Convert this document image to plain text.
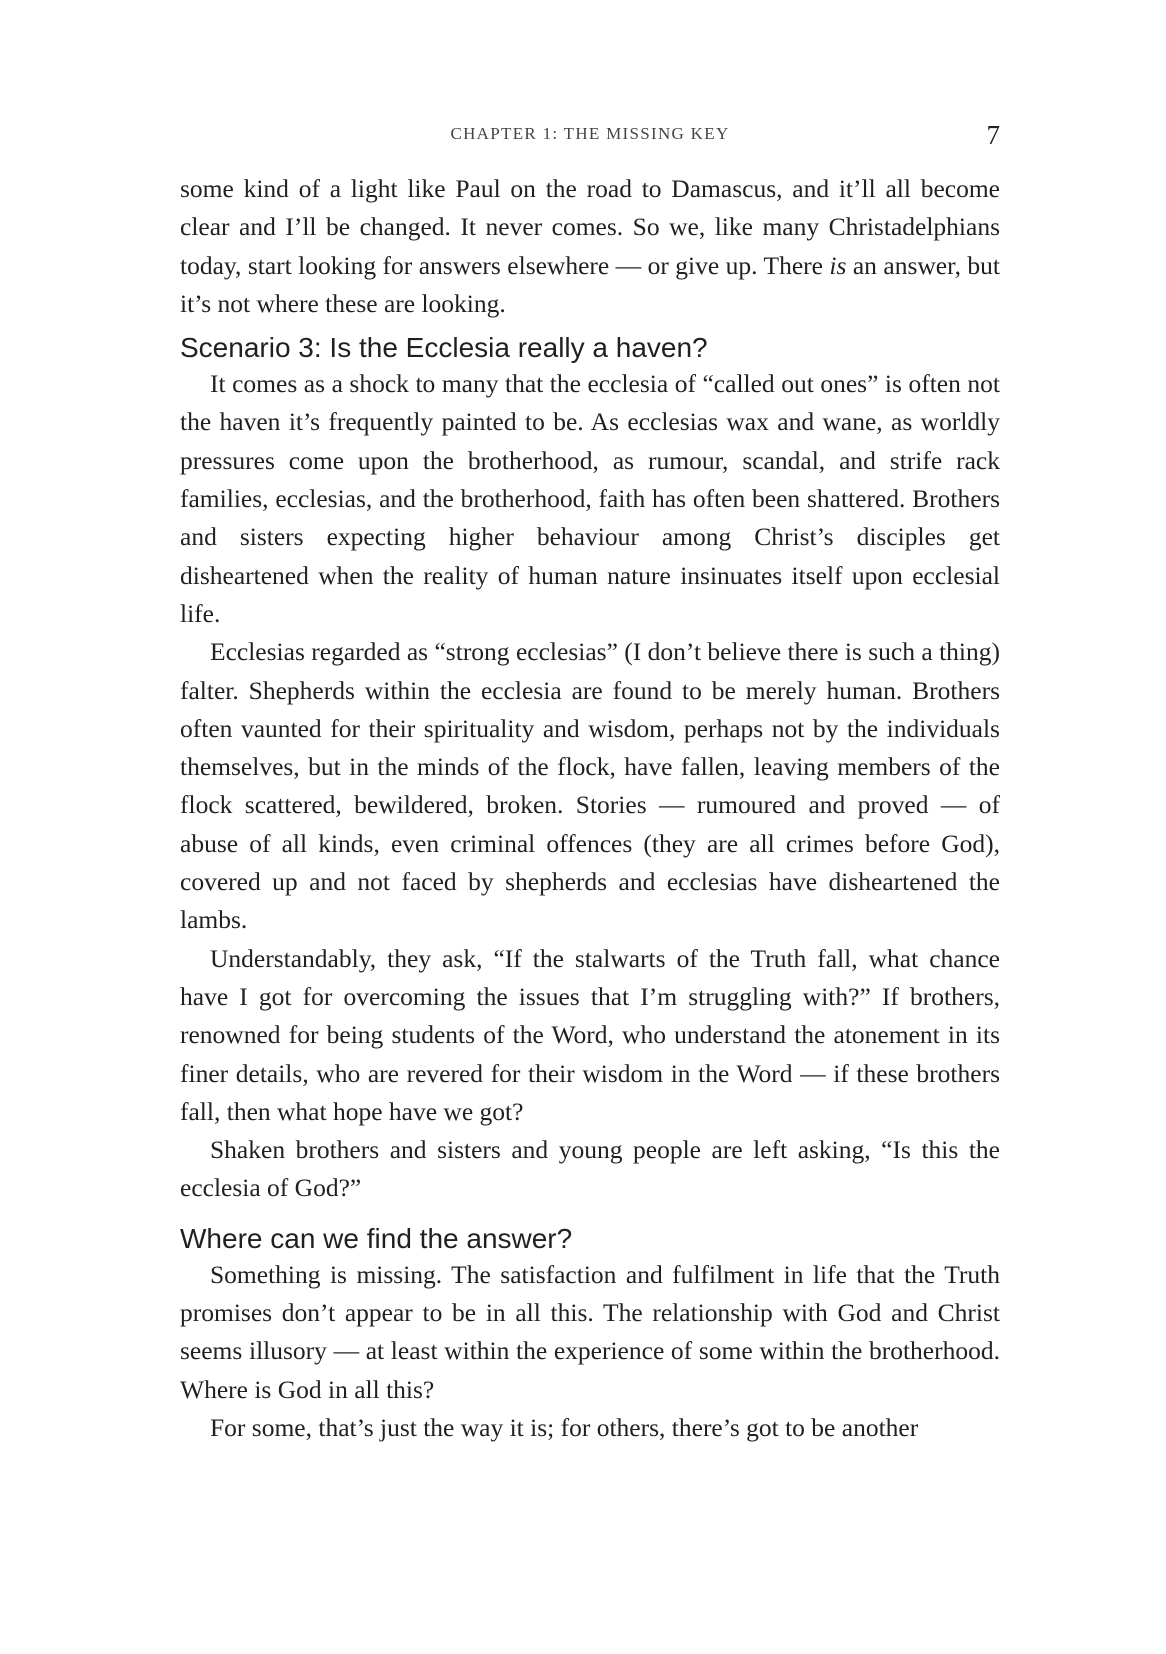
CHAPTER 1: THE MISSING KEY	7

some kind of a light like Paul on the road to Damascus, and it’ll all become clear and I’ll be changed. It never comes. So we, like many Christadelphians today, start looking for answers elsewhere — or give up. There is an answer, but it’s not where these are looking.

Scenario 3: Is the Ecclesia really a haven?

It comes as a shock to many that the ecclesia of “called out ones” is often not the haven it’s frequently painted to be. As ecclesias wax and wane, as worldly pressures come upon the brotherhood, as rumour, scandal, and strife rack families, ecclesias, and the brotherhood, faith has often been shattered. Brothers and sisters expecting higher behaviour among Christ’s disciples get disheartened when the reality of human nature insinuates itself upon ecclesial life.

Ecclesias regarded as “strong ecclesias” (I don’t believe there is such a thing) falter. Shepherds within the ecclesia are found to be merely human. Brothers often vaunted for their spirituality and wisdom, perhaps not by the individuals themselves, but in the minds of the flock, have fallen, leaving members of the flock scattered, bewildered, broken. Stories — rumoured and proved — of abuse of all kinds, even criminal offences (they are all crimes before God), covered up and not faced by shepherds and ecclesias have disheartened the lambs.

Understandably, they ask, “If the stalwarts of the Truth fall, what chance have I got for overcoming the issues that I’m struggling with?” If brothers, renowned for being students of the Word, who understand the atonement in its finer details, who are revered for their wisdom in the Word — if these brothers fall, then what hope have we got?

Shaken brothers and sisters and young people are left asking, “Is this the ecclesia of God?”

Where can we find the answer?

Something is missing. The satisfaction and fulfilment in life that the Truth promises don’t appear to be in all this. The relationship with God and Christ seems illusory — at least within the experience of some within the brotherhood. Where is God in all this?

For some, that’s just the way it is; for others, there’s got to be another
